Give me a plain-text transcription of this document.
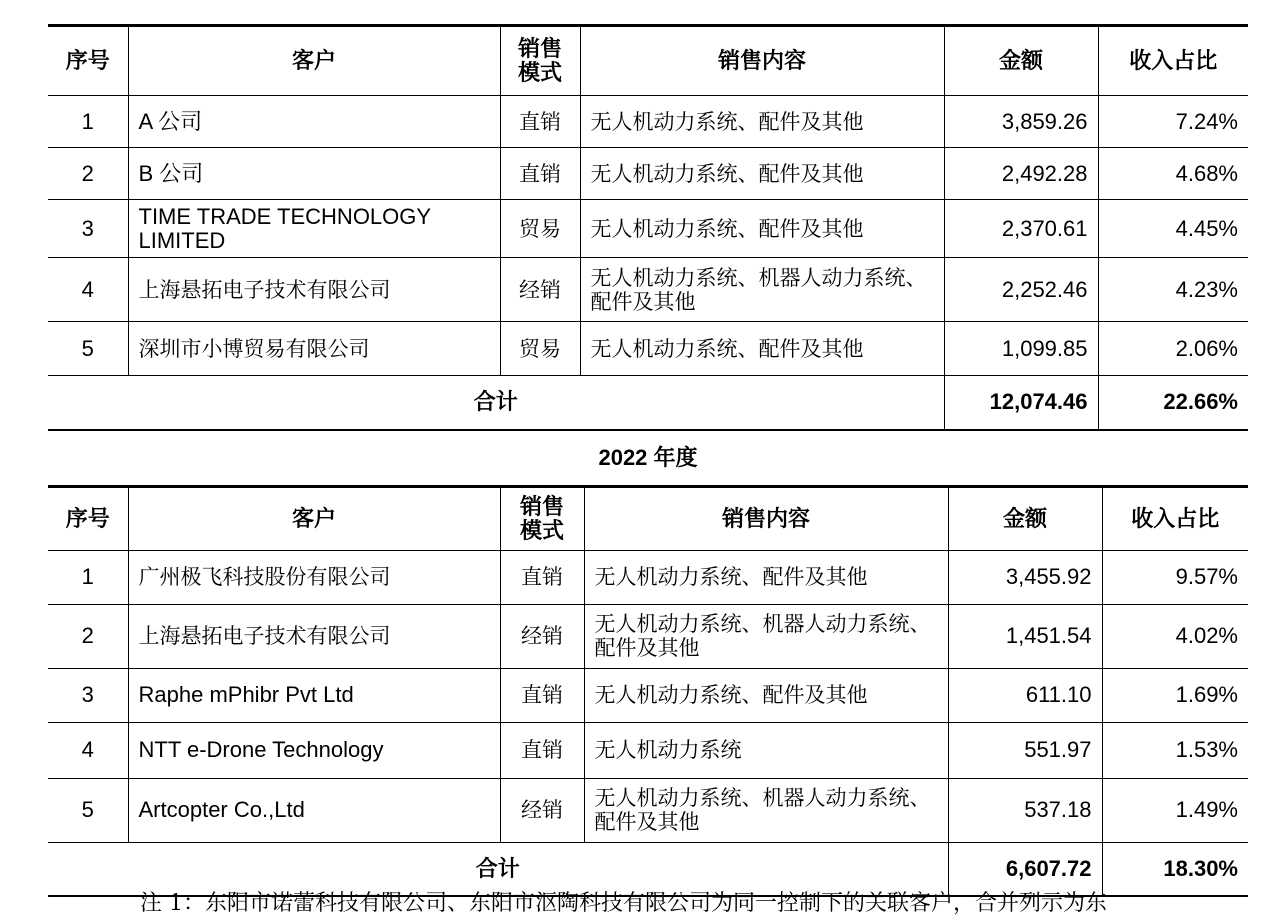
序号	客户	销售模式	销售内容	金额	收入占比
1	A 公司	直销	无人机动力系统、配件及其他	3,859.26	7.24%
2	B 公司	直销	无人机动力系统、配件及其他	2,492.28	4.68%
3	TIME TRADE TECHNOLOGY LIMITED	贸易	无人机动力系统、配件及其他	2,370.61	4.45%
4	上海悬拓电子技术有限公司	经销	无人机动力系统、机器人动力系统、配件及其他	2,252.46	4.23%
5	深圳市小博贸易有限公司	贸易	无人机动力系统、配件及其他	1,099.85	2.06%
合计				12,074.46	22.66%
2022 年度
序号	客户	销售模式	销售内容	金额	收入占比
1	广州极飞科技股份有限公司	直销	无人机动力系统、配件及其他	3,455.92	9.57%
2	上海悬拓电子技术有限公司	经销	无人机动力系统、机器人动力系统、配件及其他	1,451.54	4.02%
3	Raphe mPhibr Pvt Ltd	直销	无人机动力系统、配件及其他	611.10	1.69%
4	NTT e-Drone Technology	直销	无人机动力系统	551.97	1.53%
5	Artcopter Co.,Ltd	经销	无人机动力系统、机器人动力系统、配件及其他	537.18	1.49%
合计				6,607.72	18.30%
注 1：东阳市诺蕾科技有限公司、东阳市沤陶科技有限公司为同一控制下的关联客户，合并列示为东
